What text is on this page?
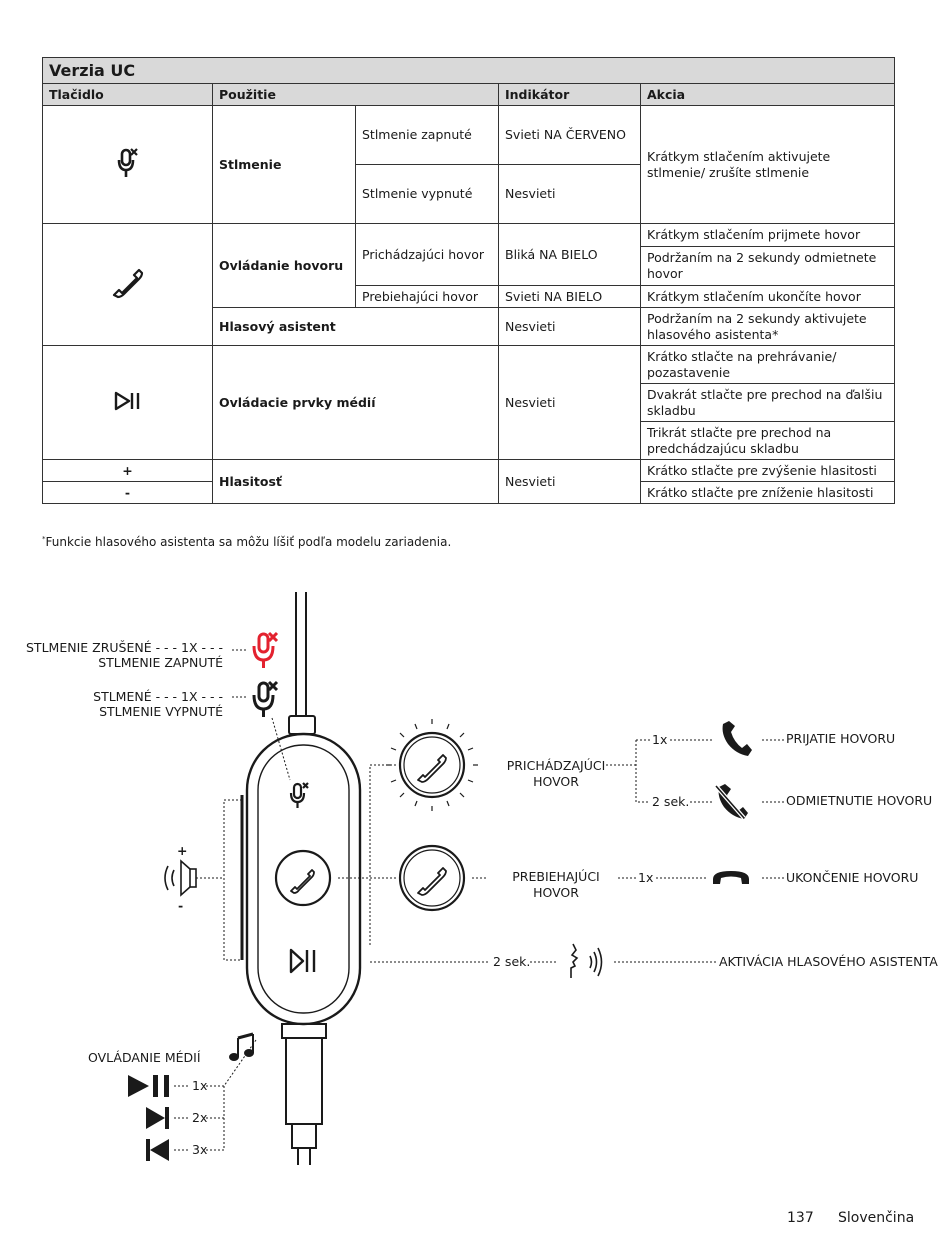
Verzia UC				
Tlačidlo	Použitie		Indikátor	Akcia
	Stlmenie	Stlmenie zapnuté	Svieti NA ČERVENO	Krátkym stlačením aktivujete stlmenie/ zrušíte stlmenie
		Stlmenie vypnuté	Nesvieti	
	Ovládanie hovoru	Prichádzajúci hovor	Bliká NA BIELO	Krátkym stlačením prijmete hovor
				Podržaním na 2 sekundy odmietnete hovor
		Prebiehajúci hovor	Svieti NA BIELO	Krátkym stlačením ukončíte hovor
	Hlasový asistent		Nesvieti	Podržaním na 2 sekundy aktivujete hlasového asistenta*
	Ovládacie prvky médií		Nesvieti	Krátko stlačte na prehrávanie/ pozastavenie
				Dvakrát stlačte pre prechod na ďalšiu skladbu
				Trikrát stlačte pre prechod na predchádzajúcu skladbu
+	Hlasitosť		Nesvieti	Krátko stlačte pre zvýšenie hlasitosti
-				Krátko stlačte pre zníženie hlasitosti
*Funkcie hlasového asistenta sa môžu líšiť podľa modelu zariadenia.
STLMENIE ZRUŠENÉ - - - 1X - - -
STLMENIE ZAPNUTÉ
STLMENÉ - - - 1X - - -
STLMENIE VYPNUTÉ
+
-
PRICHÁDZAJÚCI
HOVOR
PREBIEHAJÚCI
HOVOR
1x	PRIJATIE HOVORU
2 sek.	ODMIETNUTIE HOVORU
1x	UKONČENIE HOVORU
2 sek.	AKTIVÁCIA HLASOVÉHO ASISTENTA
OVLÁDANIE MÉDIÍ
1x
2x
3x
137 Slovenčina
